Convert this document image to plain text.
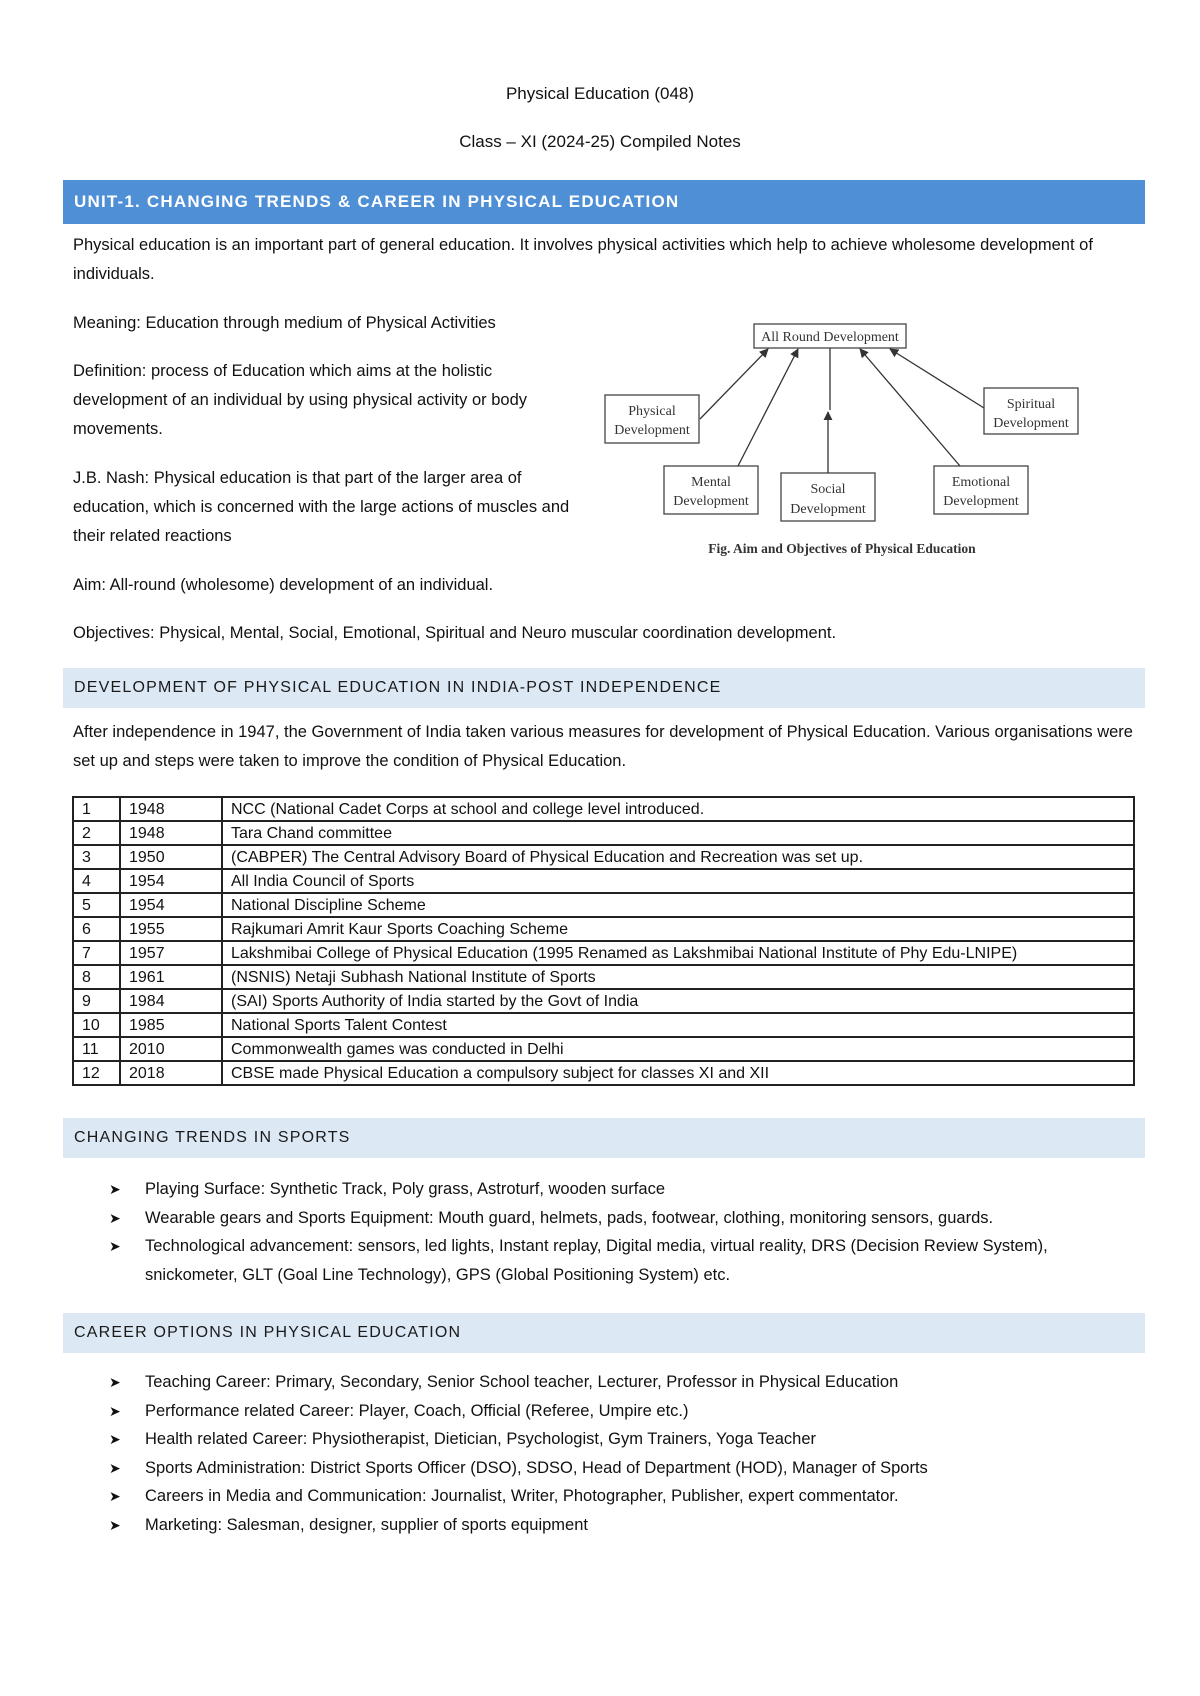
Physical Education (048)
Class – XI (2024-25) Compiled Notes
UNIT-1. CHANGING TRENDS & CAREER IN PHYSICAL EDUCATION
Physical education is an important part of general education. It involves physical activities which help to achieve wholesome development of individuals.
Meaning: Education through medium of Physical Activities
Definition: process of Education which aims at the holistic development of an individual by using physical activity or body movements.
J.B. Nash: Physical education is that part of the larger area of education, which is concerned with the large actions of muscles and their related reactions
Aim: All-round (wholesome) development of an individual.
Objectives: Physical, Mental, Social, Emotional, Spiritual and Neuro muscular coordination development.
All Round Development
Physical
Development
Spiritual
Development
Mental
Development
Social
Development
Emotional
Development
Fig. Aim and Objectives of Physical Education
DEVELOPMENT OF PHYSICAL EDUCATION IN INDIA-POST INDEPENDENCE
After independence in 1947, the Government of India taken various measures for development of Physical Education. Various organisations were set up and steps were taken to improve the condition of Physical Education.
1	1948	NCC (National Cadet Corps at school and college level introduced.
2	1948	Tara Chand committee
3	1950	(CABPER) The Central Advisory Board of Physical Education and Recreation was set up.
4	1954	All India Council of Sports
5	1954	National Discipline Scheme
6	1955	Rajkumari Amrit Kaur Sports Coaching Scheme
7	1957	Lakshmibai College of Physical Education (1995 Renamed as Lakshmibai National Institute of Phy Edu-LNIPE)
8	1961	(NSNIS) Netaji Subhash National Institute of Sports
9	1984	(SAI) Sports Authority of India started by the Govt of India
10	1985	National Sports Talent Contest
11	2010	Commonwealth games was conducted in Delhi
12	2018	CBSE made Physical Education a compulsory subject for classes XI and XII
CHANGING TRENDS IN SPORTS
➤ Playing Surface: Synthetic Track, Poly grass, Astroturf, wooden surface
➤ Wearable gears and Sports Equipment: Mouth guard, helmets, pads, footwear, clothing, monitoring sensors, guards.
➤ Technological advancement: sensors, led lights, Instant replay, Digital media, virtual reality, DRS (Decision Review System), snickometer, GLT (Goal Line Technology), GPS (Global Positioning System) etc.
CAREER OPTIONS IN PHYSICAL EDUCATION
➤ Teaching Career: Primary, Secondary, Senior School teacher, Lecturer, Professor in Physical Education
➤ Performance related Career: Player, Coach, Official (Referee, Umpire etc.)
➤ Health related Career: Physiotherapist, Dietician, Psychologist, Gym Trainers, Yoga Teacher
➤ Sports Administration: District Sports Officer (DSO), SDSO, Head of Department (HOD), Manager of Sports
➤ Careers in Media and Communication: Journalist, Writer, Photographer, Publisher, expert commentator.
➤ Marketing: Salesman, designer, supplier of sports equipment
